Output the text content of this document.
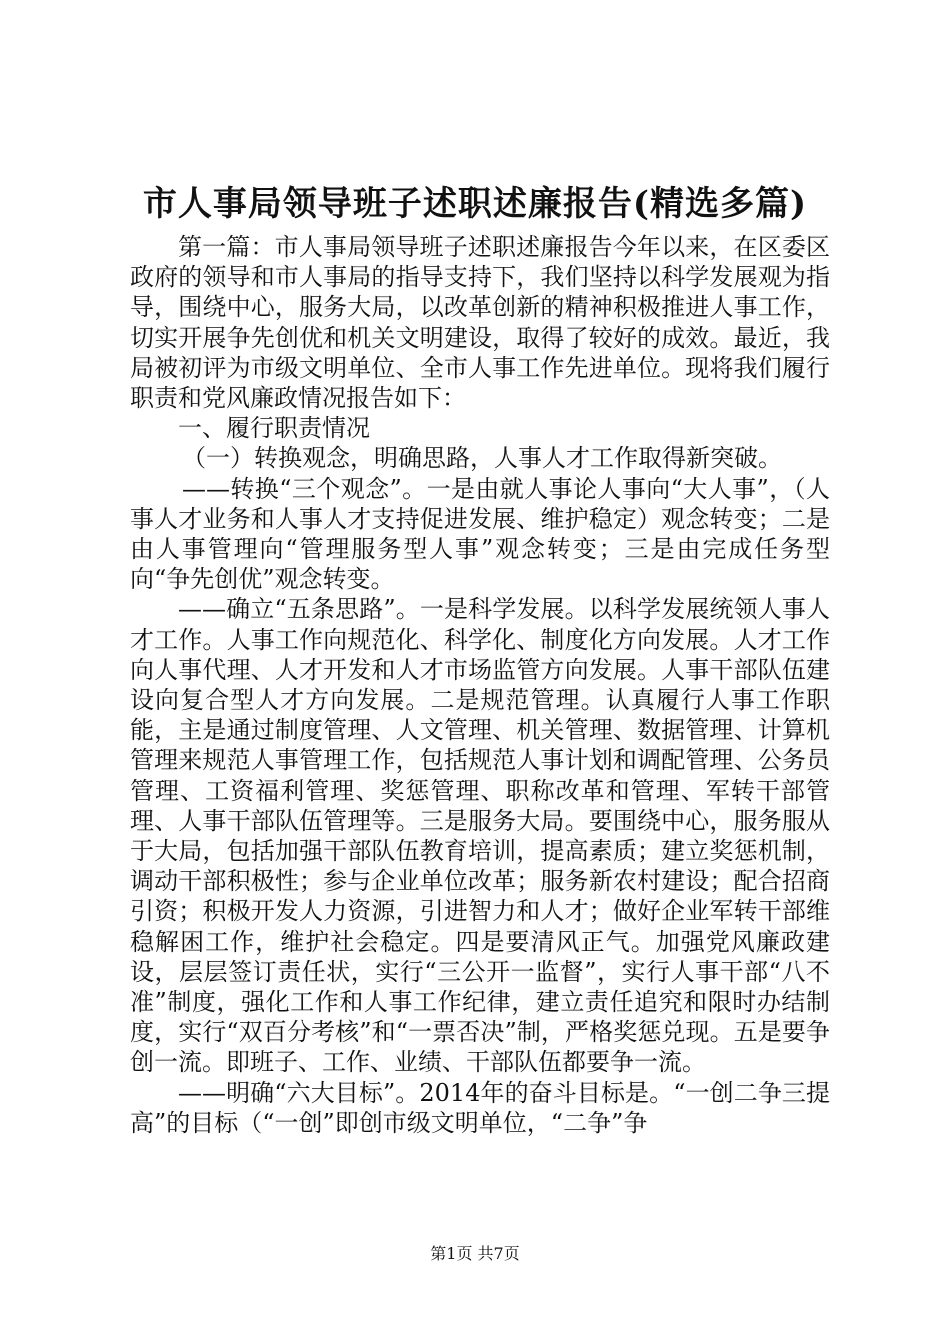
市人事局领导班子述职述廉报告(精选多篇)

第一篇：市人事局领导班子述职述廉报告今年以来，在区委区政府的领导和市人事局的指导支持下，我们坚持以科学发展观为指导，围绕中心，服务大局，以改革创新的精神积极推进人事工作，切实开展争先创优和机关文明建设，取得了较好的成效。最近，我局被初评为市级文明单位、全市人事工作先进单位。现将我们履行职责和党风廉政情况报告如下：

一、履行职责情况

（一）转换观念，明确思路，人事人才工作取得新突破。

——转换“三个观念”。一是由就人事论人事向“大人事”，（人事人才业务和人事人才支持促进发展、维护稳定）观念转变；二是由人事管理向“管理服务型人事”观念转变；三是由完成任务型向“争先创优”观念转变。

——确立“五条思路”。一是科学发展。以科学发展统领人事人才工作。人事工作向规范化、科学化、制度化方向发展。人才工作向人事代理、人才开发和人才市场监管方向发展。人事干部队伍建设向复合型人才方向发展。二是规范管理。认真履行人事工作职能，主是通过制度管理、人文管理、机关管理、数据管理、计算机管理来规范人事管理工作，包括规范人事计划和调配管理、公务员管理、工资福利管理、奖惩管理、职称改革和管理、军转干部管理、人事干部队伍管理等。三是服务大局。要围绕中心，服务服从于大局，包括加强干部队伍教育培训，提高素质；建立奖惩机制，调动干部积极性；参与企业单位改革；服务新农村建设；配合招商引资；积极开发人力资源，引进智力和人才；做好企业军转干部维稳解困工作，维护社会稳定。四是要清风正气。加强党风廉政建设，层层签订责任状，实行“三公开一监督”，实行人事干部“八不准”制度，强化工作和人事工作纪律，建立责任追究和限时办结制度，实行“双百分考核”和“一票否决”制，严格奖惩兑现。五是要争创一流。即班子、工作、业绩、干部队伍都要争一流。

——明确“六大目标”。2014年的奋斗目标是。“一创二争三提高”的目标（“一创”即创市级文明单位，“二争”争

第1页 共7页
